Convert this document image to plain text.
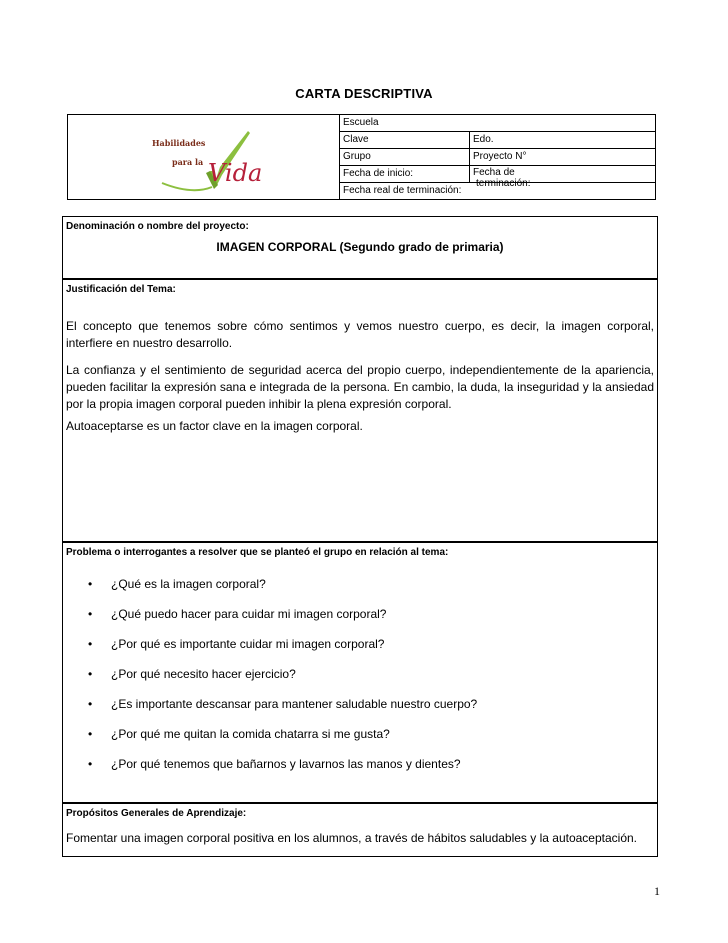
CARTA DESCRIPTIVA
Habilidades
para la Vida
Escuela
Clave	Edo.
Grupo	Proyecto N°
Fecha de inicio:	Fecha de
terminación:
Fecha real de terminación:
Denominación o nombre del proyecto:
IMAGEN CORPORAL (Segundo grado de primaria)
Justificación del Tema:

El concepto que tenemos sobre cómo sentimos y vemos nuestro cuerpo, es decir, la imagen corporal, interfiere en nuestro desarrollo.

La confianza y el sentimiento de seguridad acerca del propio cuerpo, independientemente de la apariencia, pueden facilitar la expresión sana e integrada de la persona. En cambio, la duda, la inseguridad y la ansiedad por la propia imagen corporal pueden inhibir la plena expresión corporal.

Autoaceptarse es un factor clave en la imagen corporal.

Problema o interrogantes a resolver que se planteó el grupo en relación al tema:
• ¿Qué es la imagen corporal?
• ¿Qué puedo hacer para cuidar mi imagen corporal?
• ¿Por qué es importante cuidar mi imagen corporal?
• ¿Por qué necesito hacer ejercicio?
• ¿Es importante descansar para mantener saludable nuestro cuerpo?
• ¿Por qué me quitan la comida chatarra si me gusta?
• ¿Por qué tenemos que bañarnos y lavarnos las manos y dientes?
Propósitos Generales de Aprendizaje:

Fomentar una imagen corporal positiva en los alumnos, a través de hábitos saludables y la autoaceptación.

1
